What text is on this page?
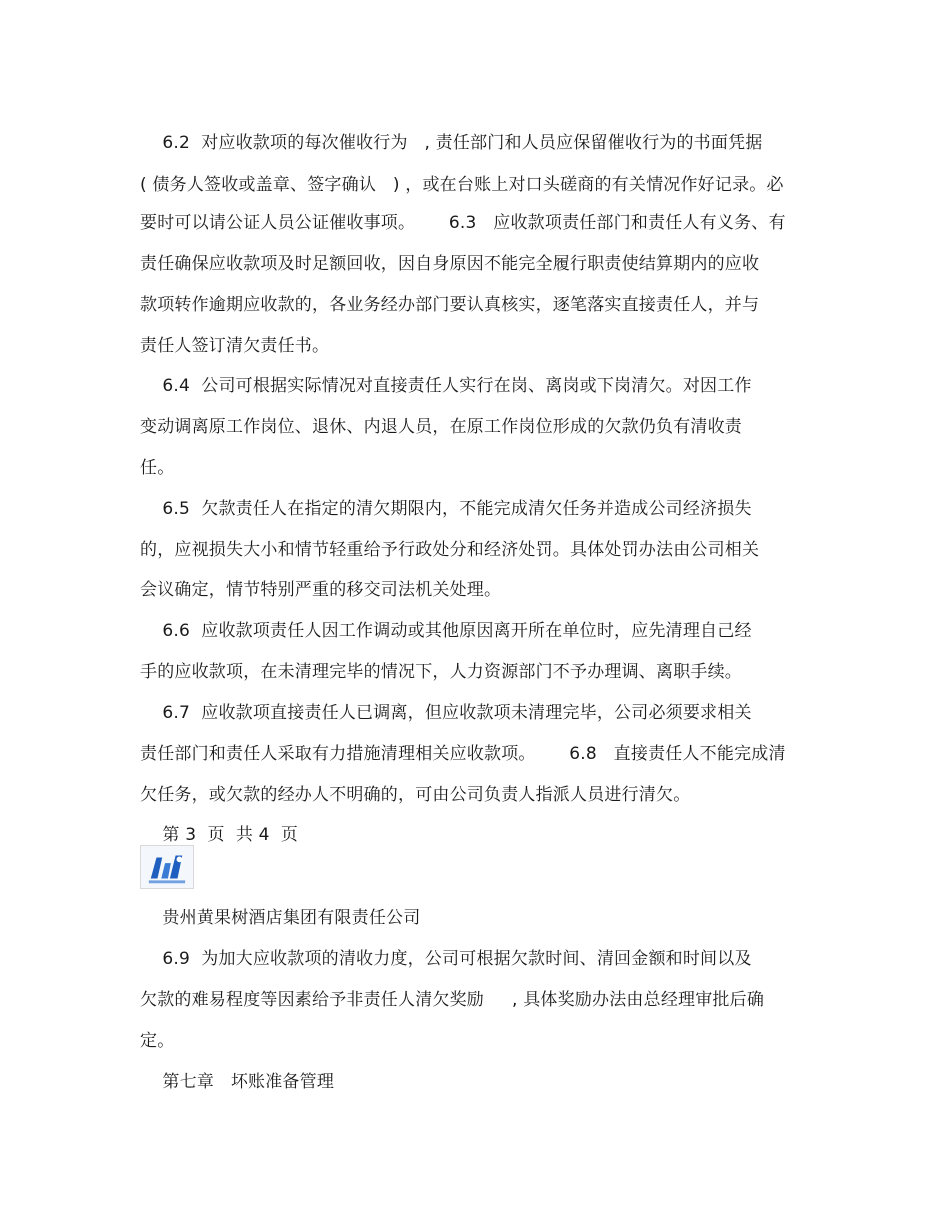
6.2  对应收款项的每次催收行为   , 责任部门和人员应保留催收行为的书面凭据
( 债务人签收或盖章、签字确认   ) ，或在台账上对口头磋商的有关情况作好记录。必
要时可以请公证人员公证催收事项。      6.3   应收款项责任部门和责任人有义务、有
责任确保应收款项及时足额回收，因自身原因不能完全履行职责使结算期内的应收
款项转作逾期应收款的，各业务经办部门要认真核实，逐笔落实直接责任人，并与
责任人签订清欠责任书。
6.4  公司可根据实际情况对直接责任人实行在岗、离岗或下岗清欠。对因工作
变动调离原工作岗位、退休、内退人员，在原工作岗位形成的欠款仍负有清收责
任。
6.5  欠款责任人在指定的清欠期限内，不能完成清欠任务并造成公司经济损失
的，应视损失大小和情节轻重给予行政处分和经济处罚。具体处罚办法由公司相关
会议确定，情节特别严重的移交司法机关处理。
6.6  应收款项责任人因工作调动或其他原因离开所在单位时，应先清理自己经
手的应收款项，在未清理完毕的情况下，人力资源部门不予办理调、离职手续。
6.7  应收款项直接责任人已调离，但应收款项未清理完毕，公司必须要求相关
责任部门和责任人采取有力措施清理相关应收款项。      6.8   直接责任人不能完成清
欠任务，或欠款的经办人不明确的，可由公司负责人指派人员进行清欠。
第 3  页  共 4  页
贵州黄果树酒店集团有限责任公司
6.9  为加大应收款项的清收力度，公司可根据欠款时间、清回金额和时间以及
欠款的难易程度等因素给予非责任人清欠奖励     , 具体奖励办法由总经理审批后确
定。
第七章   坏账准备管理
